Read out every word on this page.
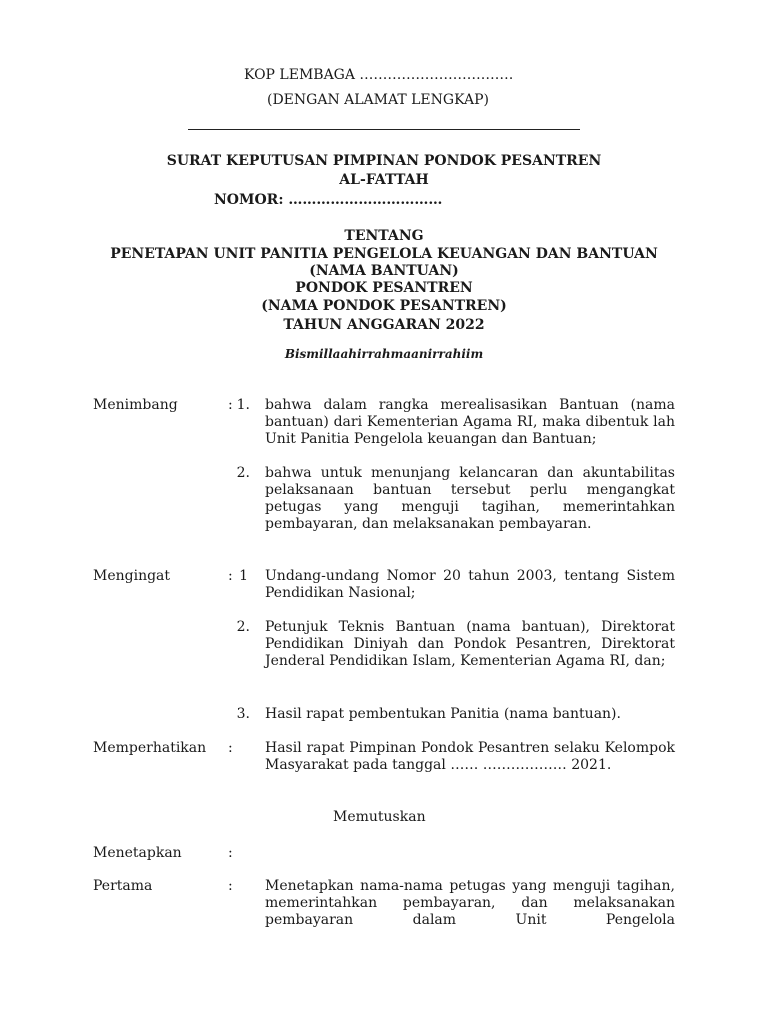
KOP LEMBAGA ……………………………
(DENGAN ALAMAT LENGKAP)
SURAT KEPUTUSAN PIMPINAN PONDOK PESANTREN
AL-FATTAH
NOMOR: ……………………………
TENTANG
PENETAPAN UNIT PANITIA PENGELOLA KEUANGAN DAN BANTUAN
(NAMA BANTUAN)
PONDOK PESANTREN
(NAMA PONDOK PESANTREN)
TAHUN ANGGARAN 2022
Bismillaahirrahmaanirrahiim
Menimbang	: 1. bahwa dalam rangka merealisasikan Bantuan (nama bantuan) dari Kementerian Agama RI, maka dibentuk lah Unit Panitia Pengelola keuangan dan Bantuan;
2. bahwa untuk menunjang kelancaran dan akuntabilitas pelaksanaan bantuan tersebut perlu mengangkat petugas yang menguji tagihan, memerintahkan pembayaran, dan melaksanakan pembayaran.
Mengingat	: 1 Undang-undang Nomor 20 tahun 2003, tentang Sistem Pendidikan Nasional;
2. Petunjuk Teknis Bantuan (nama bantuan), Direktorat Pendidikan Diniyah dan Pondok Pesantren, Direktorat Jenderal Pendidikan Islam, Kementerian Agama RI, dan;
3. Hasil rapat pembentukan Panitia (nama bantuan).
Memperhatikan : Hasil rapat Pimpinan Pondok Pesantren selaku Kelompok Masyarakat pada tanggal …… ……………… 2021.
Memutuskan
Menetapkan	:
Pertama	: Menetapkan nama-nama petugas yang menguji tagihan, memerintahkan pembayaran, dan melaksanakan pembayaran dalam Unit Pengelola
